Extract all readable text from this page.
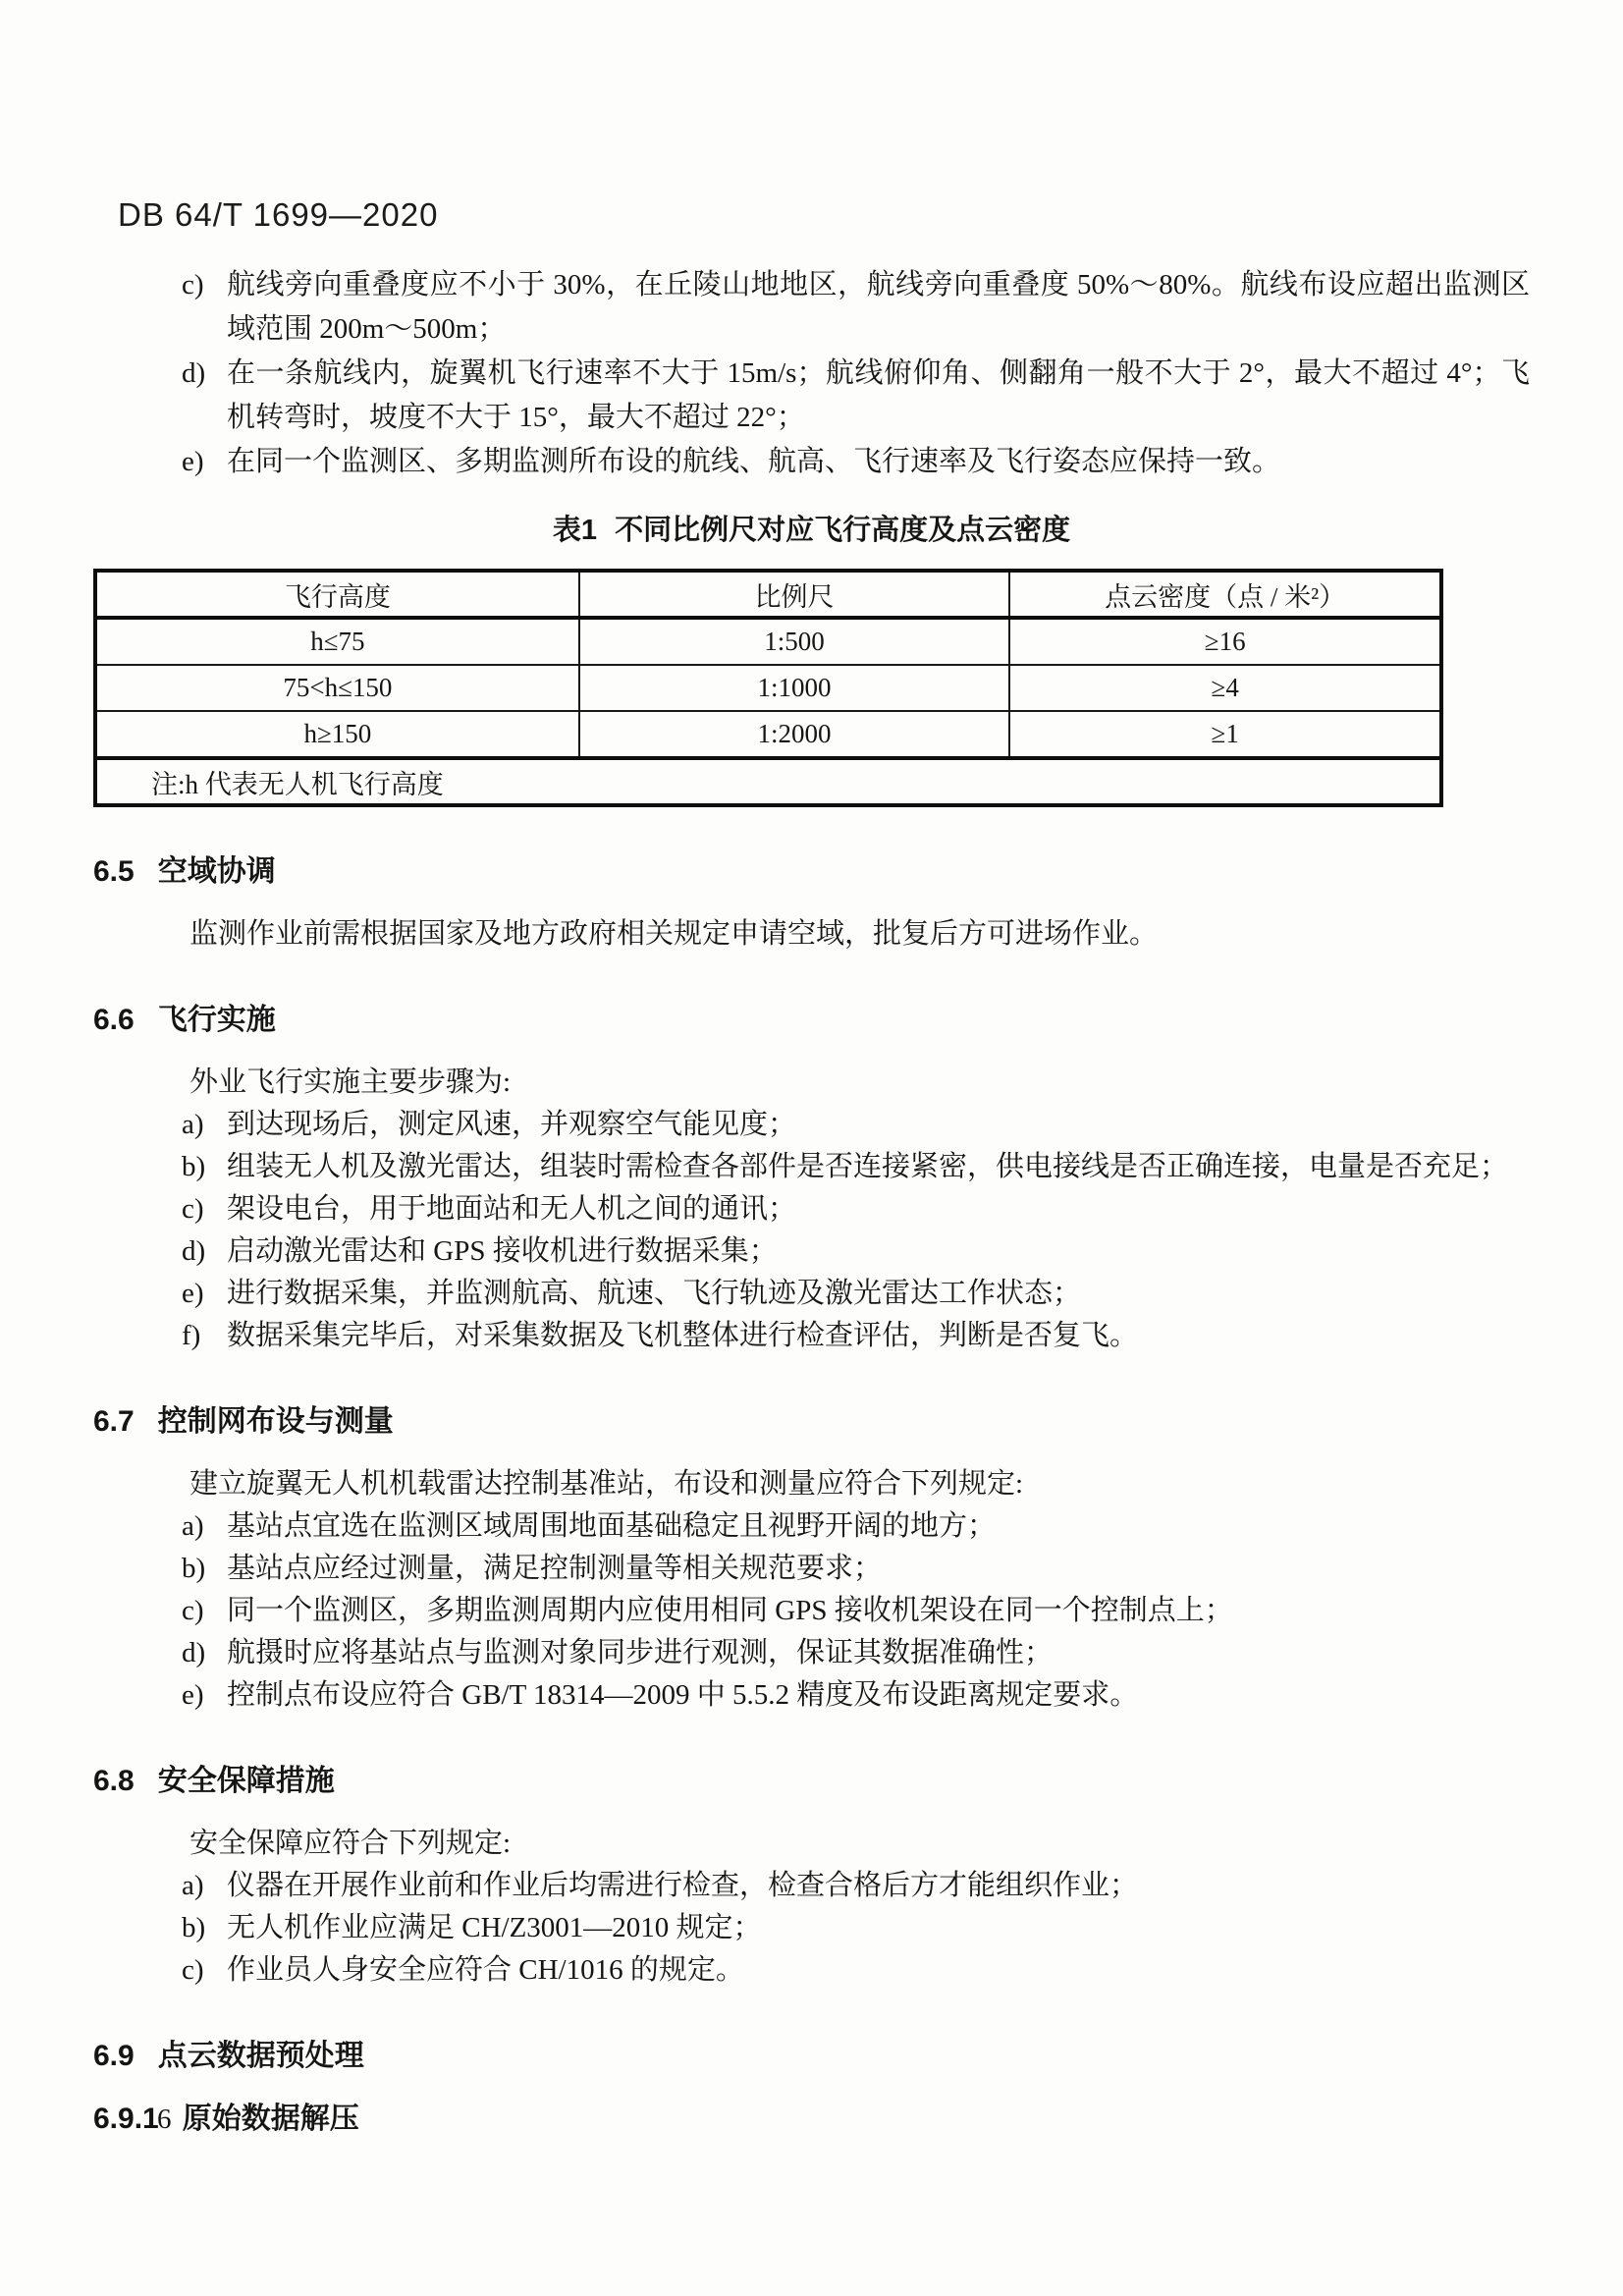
DB 64/T 1699—2020
c) 航线旁向重叠度应不小于 30%，在丘陵山地地区，航线旁向重叠度 50%～80%。航线布设应超出监测区域范围 200m～500m；
d) 在一条航线内，旋翼机飞行速率不大于 15m/s；航线俯仰角、侧翻角一般不大于 2°，最大不超过 4°；飞机转弯时，坡度不大于 15°，最大不超过 22°；
e) 在同一个监测区、多期监测所布设的航线、航高、飞行速率及飞行姿态应保持一致。
表1 不同比例尺对应飞行高度及点云密度
飞行高度	比例尺	点云密度（点 / 米²）
h≤75	1:500	≥16
75<h≤150	1:1000	≥4
h≥150	1:2000	≥1
注:h 代表无人机飞行高度		
6.5 空域协调
监测作业前需根据国家及地方政府相关规定申请空域，批复后方可进场作业。
6.6 飞行实施
外业飞行实施主要步骤为:
a) 到达现场后，测定风速，并观察空气能见度；
b) 组装无人机及激光雷达，组装时需检查各部件是否连接紧密，供电接线是否正确连接，电量是否充足；
c) 架设电台，用于地面站和无人机之间的通讯；
d) 启动激光雷达和 GPS 接收机进行数据采集；
e) 进行数据采集，并监测航高、航速、飞行轨迹及激光雷达工作状态；
f) 数据采集完毕后，对采集数据及飞机整体进行检查评估，判断是否复飞。
6.7 控制网布设与测量
建立旋翼无人机机载雷达控制基准站，布设和测量应符合下列规定:
a) 基站点宜选在监测区域周围地面基础稳定且视野开阔的地方；
b) 基站点应经过测量，满足控制测量等相关规范要求；
c) 同一个监测区，多期监测周期内应使用相同 GPS 接收机架设在同一个控制点上；
d) 航摄时应将基站点与监测对象同步进行观测，保证其数据准确性；
e) 控制点布设应符合 GB/T 18314—2009 中 5.5.2 精度及布设距离规定要求。
6.8 安全保障措施
安全保障应符合下列规定:
a) 仪器在开展作业前和作业后均需进行检查，检查合格后方才能组织作业；
b) 无人机作业应满足 CH/Z3001—2010 规定；
c) 作业员人身安全应符合 CH/1016 的规定。
6.9 点云数据预处理
6.9.1 原始数据解压
6
